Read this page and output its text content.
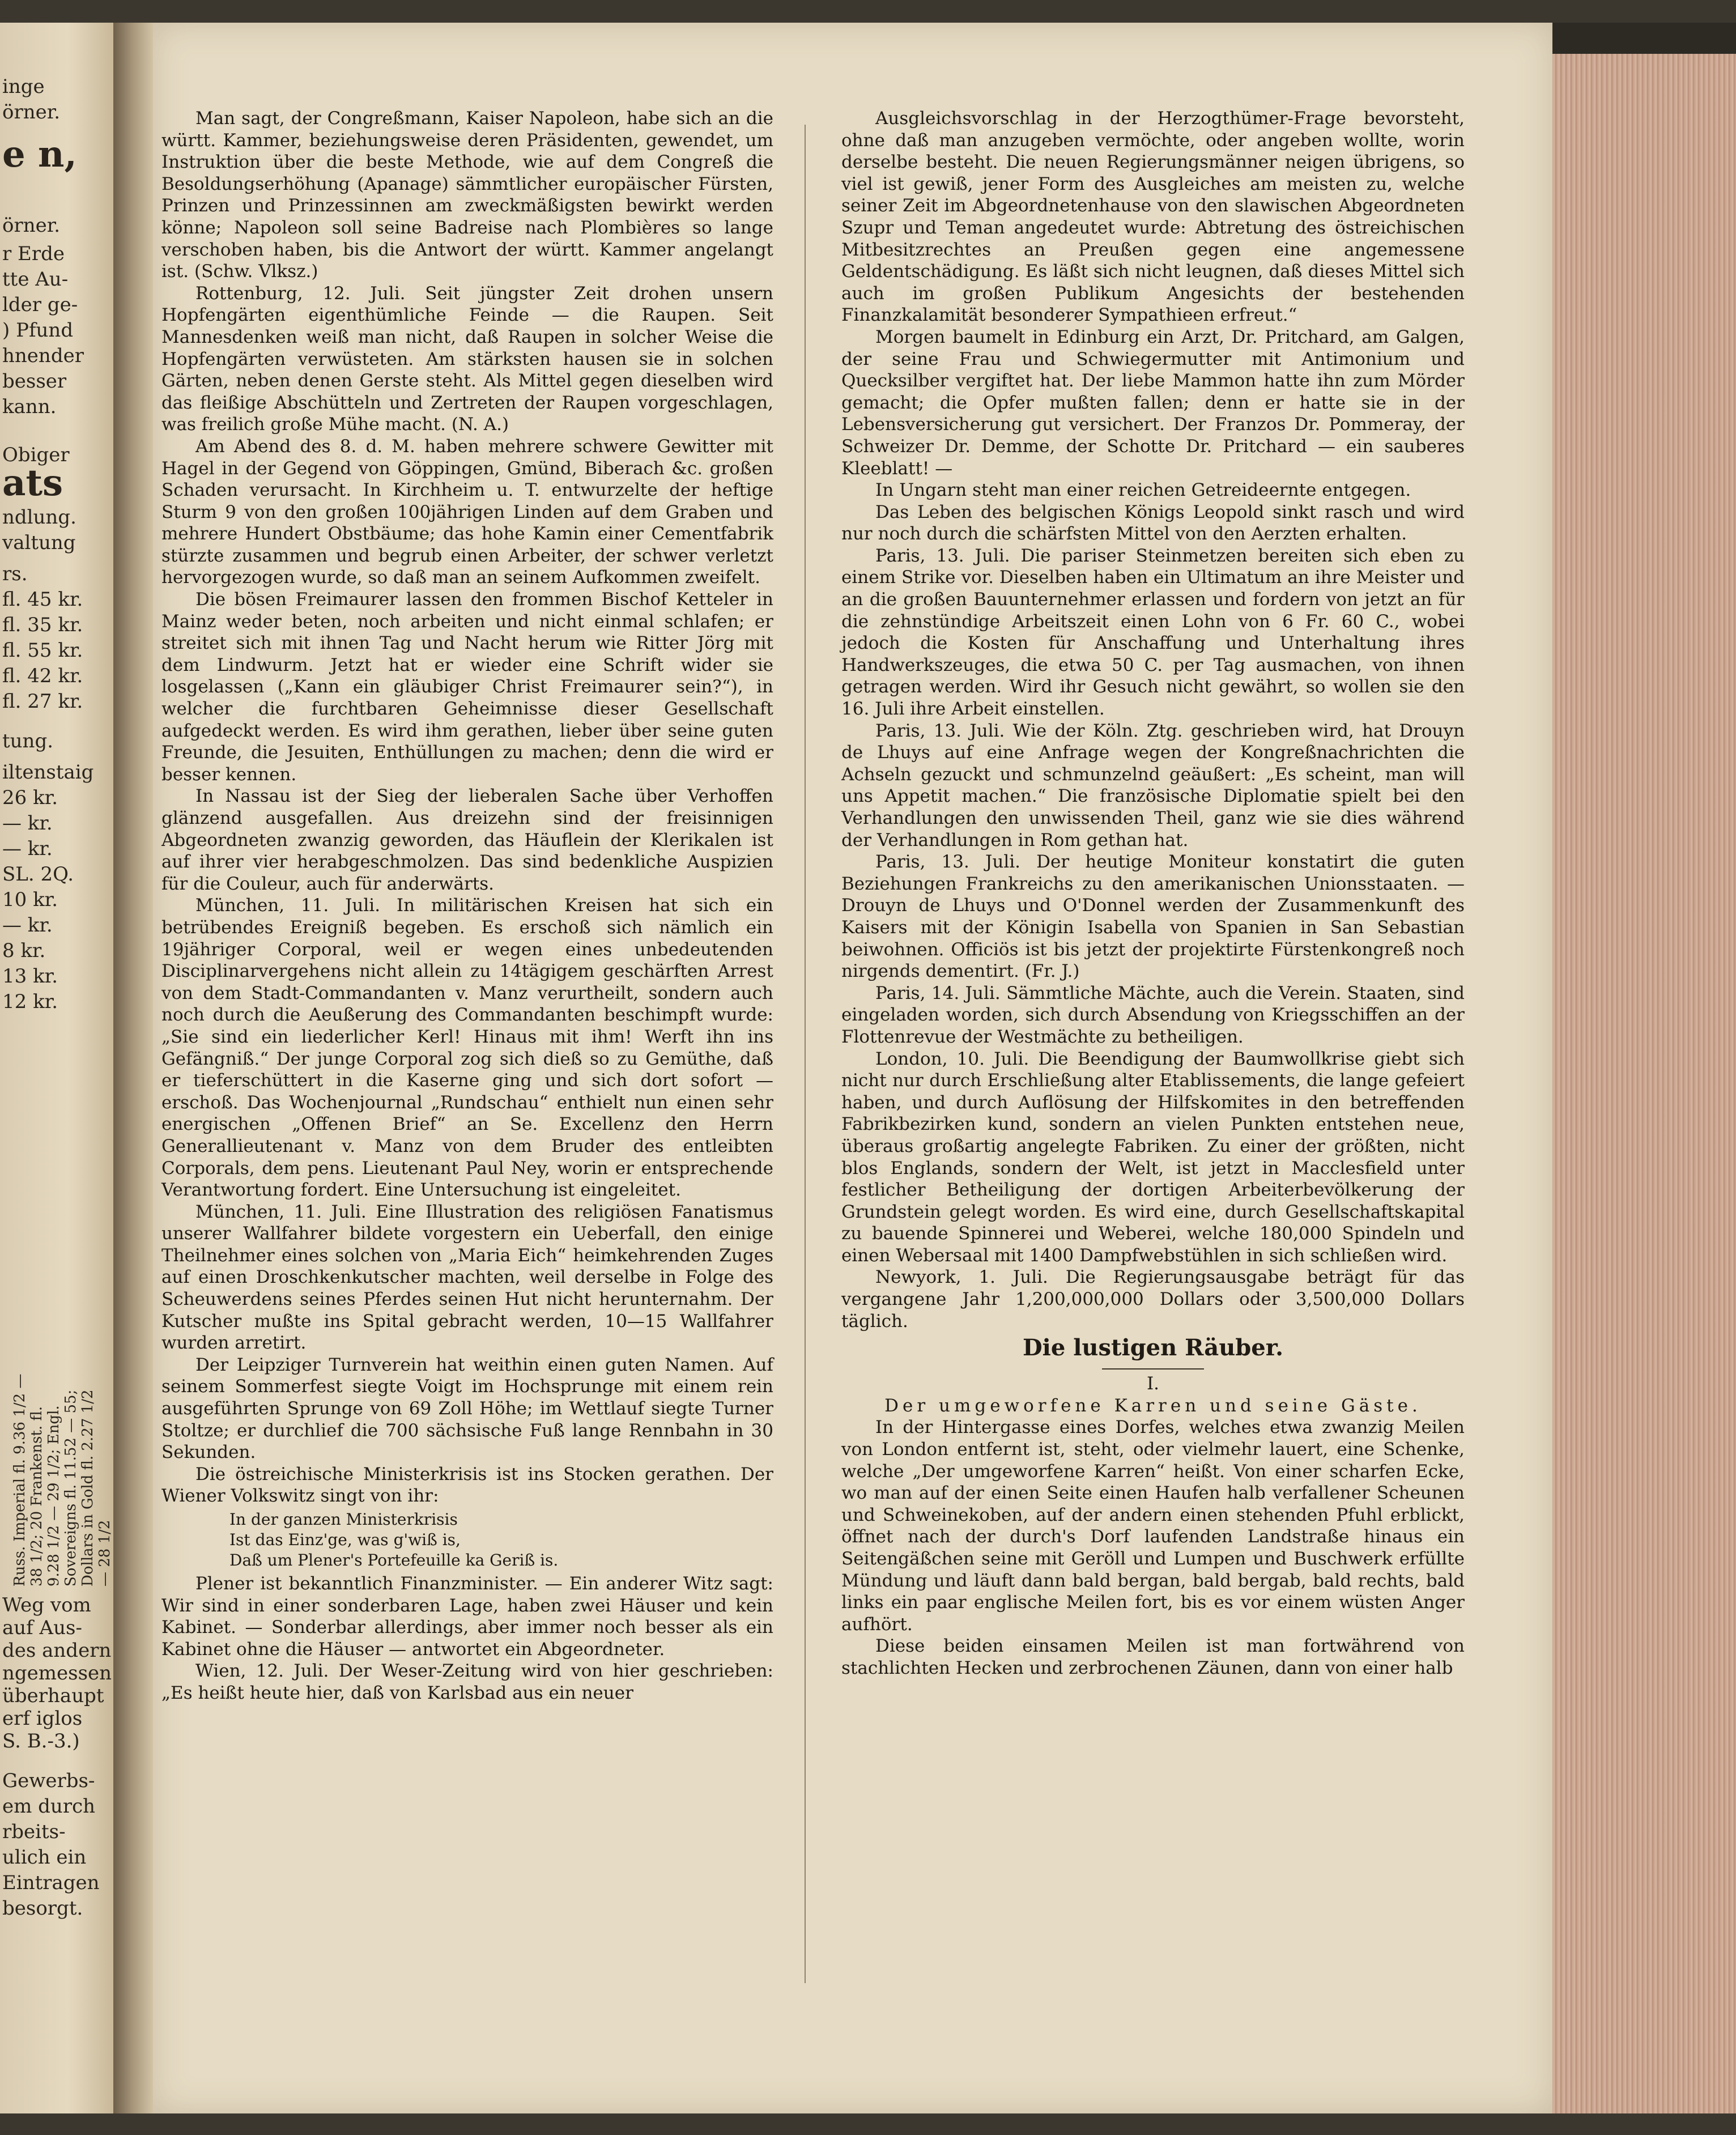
Russ. Imperial fl. 9.36 1/2 — 38 1/2; 20 Frankenst. fl. 9.28 1/2 — 29 1/2; Engl. Sovereigns fl. 11.52 — 55; Dollars in Gold fl. 2.27 1/2 — 28 1/2
inge
örner.
e n,
örner.
r Erde
tte Au-
lder ge-
) Pfund
hnender
besser
kann.
Obiger
ats
ndlung.
valtung
rs.
fl. 45 kr.
fl. 35 kr.
fl. 55 kr.
fl. 42 kr.
fl. 27 kr.
tung.
iltenstaig
26 kr.
— kr.
— kr.
SL. 2Q.
10 kr.
— kr.
8 kr.
13 kr.
12 kr.
Weg vom
auf Aus-
des andern
ngemessen
überhaupt
erf iglos
S. B.-3.)
Gewerbs-
em durch
rbeits-
ulich ein
Eintragen
besorgt.

Man sagt, der Congreßmann, Kaiser Napoleon, habe sich an die württ. Kammer, beziehungsweise deren Präsidenten, gewendet, um Instruktion über die beste Methode, wie auf dem Congreß die Besoldungserhöhung (Apanage) sämmtlicher europäischer Fürsten, Prinzen und Prinzessinnen am zweckmäßigsten bewirkt werden könne; Napoleon soll seine Badreise nach Plombières so lange verschoben haben, bis die Antwort der württ. Kammer angelangt ist. (Schw. Vlksz.)

Rottenburg, 12. Juli. Seit jüngster Zeit drohen unsern Hopfengärten eigenthümliche Feinde — die Raupen. Seit Mannesdenken weiß man nicht, daß Raupen in solcher Weise die Hopfengärten verwüsteten. Am stärksten hausen sie in solchen Gärten, neben denen Gerste steht. Als Mittel gegen dieselben wird das fleißige Abschütteln und Zertreten der Raupen vorgeschlagen, was freilich große Mühe macht. (N. A.)

Am Abend des 8. d. M. haben mehrere schwere Gewitter mit Hagel in der Gegend von Göppingen, Gmünd, Biberach &c. großen Schaden verursacht. In Kirchheim u. T. entwurzelte der heftige Sturm 9 von den großen 100jährigen Linden auf dem Graben und mehrere Hundert Obstbäume; das hohe Kamin einer Cementfabrik stürzte zusammen und begrub einen Arbeiter, der schwer verletzt hervorgezogen wurde, so daß man an seinem Aufkommen zweifelt.

Die bösen Freimaurer lassen den frommen Bischof Ketteler in Mainz weder beten, noch arbeiten und nicht einmal schlafen; er streitet sich mit ihnen Tag und Nacht herum wie Ritter Jörg mit dem Lindwurm. Jetzt hat er wieder eine Schrift wider sie losgelassen („Kann ein gläubiger Christ Freimaurer sein?“), in welcher die furchtbaren Geheimnisse dieser Gesellschaft aufgedeckt werden. Es wird ihm gerathen, lieber über seine guten Freunde, die Jesuiten, Enthüllungen zu machen; denn die wird er besser kennen.

In Nassau ist der Sieg der lieberalen Sache über Verhoffen glänzend ausgefallen. Aus dreizehn sind der freisinnigen Abgeordneten zwanzig geworden, das Häuflein der Klerikalen ist auf ihrer vier herabgeschmolzen. Das sind bedenkliche Auspizien für die Couleur, auch für anderwärts.

München, 11. Juli. In militärischen Kreisen hat sich ein betrübendes Ereigniß begeben. Es erschoß sich nämlich ein 19jähriger Corporal, weil er wegen eines unbedeutenden Disciplinarvergehens nicht allein zu 14tägigem geschärften Arrest von dem Stadt-Commandanten v. Manz verurtheilt, sondern auch noch durch die Aeußerung des Commandanten beschimpft wurde: „Sie sind ein liederlicher Kerl! Hinaus mit ihm! Werft ihn ins Gefängniß.“ Der junge Corporal zog sich dieß so zu Gemüthe, daß er tieferschüttert in die Kaserne ging und sich dort sofort — erschoß. Das Wochenjournal „Rundschau“ enthielt nun einen sehr energischen „Offenen Brief“ an Se. Excellenz den Herrn Generallieutenant v. Manz von dem Bruder des entleibten Corporals, dem pens. Lieutenant Paul Ney, worin er entsprechende Verantwortung fordert. Eine Untersuchung ist eingeleitet.

München, 11. Juli. Eine Illustration des religiösen Fanatismus unserer Wallfahrer bildete vorgestern ein Ueberfall, den einige Theilnehmer eines solchen von „Maria Eich“ heimkehrenden Zuges auf einen Droschkenkutscher machten, weil derselbe in Folge des Scheuwerdens seines Pferdes seinen Hut nicht herunternahm. Der Kutscher mußte ins Spital gebracht werden, 10—15 Wallfahrer wurden arretirt.

Der Leipziger Turnverein hat weithin einen guten Namen. Auf seinem Sommerfest siegte Voigt im Hochsprunge mit einem rein ausgeführten Sprunge von 69 Zoll Höhe; im Wettlauf siegte Turner Stoltze; er durchlief die 700 sächsische Fuß lange Rennbahn in 30 Sekunden.

Die östreichische Ministerkrisis ist ins Stocken gerathen. Der Wiener Volkswitz singt von ihr:

In der ganzen Ministerkrisis
Ist das Einz'ge, was g'wiß is,
Daß um Plener's Portefeuille ka Geriß is.

Plener ist bekanntlich Finanzminister. — Ein anderer Witz sagt: Wir sind in einer sonderbaren Lage, haben zwei Häuser und kein Kabinet. — Sonderbar allerdings, aber immer noch besser als ein Kabinet ohne die Häuser — antwortet ein Abgeordneter.

Wien, 12. Juli. Der Weser-Zeitung wird von hier geschrieben: „Es heißt heute hier, daß von Karlsbad aus ein neuer

Ausgleichsvorschlag in der Herzogthümer-Frage bevorsteht, ohne daß man anzugeben vermöchte, oder angeben wollte, worin derselbe besteht. Die neuen Regierungsmänner neigen übrigens, so viel ist gewiß, jener Form des Ausgleiches am meisten zu, welche seiner Zeit im Abgeordnetenhause von den slawischen Abgeordneten Szupr und Teman angedeutet wurde: Abtretung des östreichischen Mitbesitzrechtes an Preußen gegen eine angemessene Geldentschädigung. Es läßt sich nicht leugnen, daß dieses Mittel sich auch im großen Publikum Angesichts der bestehenden Finanzkalamität besonderer Sympathieen erfreut.“

Morgen baumelt in Edinburg ein Arzt, Dr. Pritchard, am Galgen, der seine Frau und Schwiegermutter mit Antimonium und Quecksilber vergiftet hat. Der liebe Mammon hatte ihn zum Mörder gemacht; die Opfer mußten fallen; denn er hatte sie in der Lebensversicherung gut versichert. Der Franzos Dr. Pommeray, der Schweizer Dr. Demme, der Schotte Dr. Pritchard — ein sauberes Kleeblatt! —

In Ungarn steht man einer reichen Getreideernte entgegen.

Das Leben des belgischen Königs Leopold sinkt rasch und wird nur noch durch die schärfsten Mittel von den Aerzten erhalten.

Paris, 13. Juli. Die pariser Steinmetzen bereiten sich eben zu einem Strike vor. Dieselben haben ein Ultimatum an ihre Meister und an die großen Bauunternehmer erlassen und fordern von jetzt an für die zehnstündige Arbeitszeit einen Lohn von 6 Fr. 60 C., wobei jedoch die Kosten für Anschaffung und Unterhaltung ihres Handwerkszeuges, die etwa 50 C. per Tag ausmachen, von ihnen getragen werden. Wird ihr Gesuch nicht gewährt, so wollen sie den 16. Juli ihre Arbeit einstellen.

Paris, 13. Juli. Wie der Köln. Ztg. geschrieben wird, hat Drouyn de Lhuys auf eine Anfrage wegen der Kongreßnachrichten die Achseln gezuckt und schmunzelnd geäußert: „Es scheint, man will uns Appetit machen.“ Die französische Diplomatie spielt bei den Verhandlungen den unwissenden Theil, ganz wie sie dies während der Verhandlungen in Rom gethan hat.

Paris, 13. Juli. Der heutige Moniteur konstatirt die guten Beziehungen Frankreichs zu den amerikanischen Unionsstaaten. — Drouyn de Lhuys und O'Donnel werden der Zusammenkunft des Kaisers mit der Königin Isabella von Spanien in San Sebastian beiwohnen. Officiös ist bis jetzt der projektirte Fürstenkongreß noch nirgends dementirt. (Fr. J.)

Paris, 14. Juli. Sämmtliche Mächte, auch die Verein. Staaten, sind eingeladen worden, sich durch Absendung von Kriegsschiffen an der Flottenrevue der Westmächte zu betheiligen.

London, 10. Juli. Die Beendigung der Baumwollkrise giebt sich nicht nur durch Erschließung alter Etablissements, die lange gefeiert haben, und durch Auflösung der Hilfskomites in den betreffenden Fabrikbezirken kund, sondern an vielen Punkten entstehen neue, überaus großartig angelegte Fabriken. Zu einer der größten, nicht blos Englands, sondern der Welt, ist jetzt in Macclesfield unter festlicher Betheiligung der dortigen Arbeiterbevölkerung der Grundstein gelegt worden. Es wird eine, durch Gesellschaftskapital zu bauende Spinnerei und Weberei, welche 180,000 Spindeln und einen Webersaal mit 1400 Dampfwebstühlen in sich schließen wird.

Newyork, 1. Juli. Die Regierungsausgabe beträgt für das vergangene Jahr 1,200,000,000 Dollars oder 3,500,000 Dollars täglich.

Die lustigen Räuber.

I.

Der umgeworfene Karren und seine Gäste.

In der Hintergasse eines Dorfes, welches etwa zwanzig Meilen von London entfernt ist, steht, oder vielmehr lauert, eine Schenke, welche „Der umgeworfene Karren“ heißt. Von einer scharfen Ecke, wo man auf der einen Seite einen Haufen halb verfallener Scheunen und Schweinekoben, auf der andern einen stehenden Pfuhl erblickt, öffnet nach der durch's Dorf laufenden Landstraße hinaus ein Seitengäßchen seine mit Geröll und Lumpen und Buschwerk erfüllte Mündung und läuft dann bald bergan, bald bergab, bald rechts, bald links ein paar englische Meilen fort, bis es vor einem wüsten Anger aufhört.

Diese beiden einsamen Meilen ist man fortwährend von stachlichten Hecken und zerbrochenen Zäunen, dann von einer halb
